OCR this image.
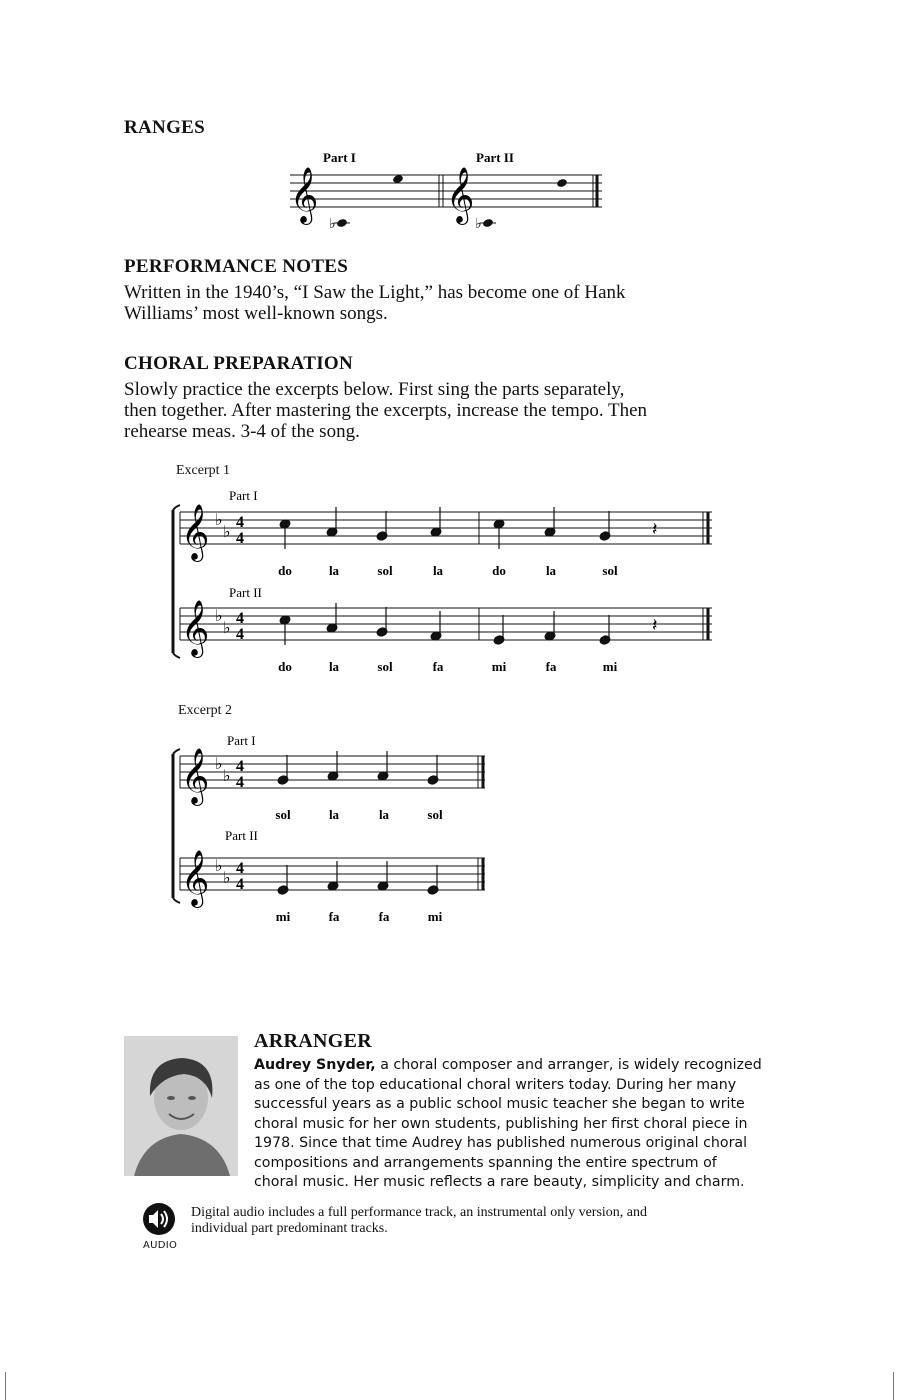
RANGES
Part I	Part II
𝄞	𝄞
♭	♭
PERFORMANCE NOTES
Written in the 1940’s, “I Saw the Light,” has become one of Hank
Williams’ most well-known songs.
CHORAL PREPARATION
Slowly practice the excerpts below. First sing the parts separately,
then together. After mastering the excerpts, increase the tempo. Then
rehearse meas. 3-4 of the song.
Excerpt 1
Part I
Part II
𝄞
𝄞
♭
♭
♭
♭
4
4
4
4
𝄽
𝄽
do	la	sol	la	do	la	sol
do	la	sol	fa	mi	fa	mi
Excerpt 2
Part I
Part II
𝄞
𝄞
♭
♭
♭
♭
4
4
4
4
sol	la	la	sol
mi	fa	fa	mi
ARRANGER
Audrey Snyder, a choral composer and arranger, is widely recognized
as one of the top educational choral writers today. During her many
successful years as a public school music teacher she began to write
choral music for her own students, publishing her first choral piece in
1978. Since that time Audrey has published numerous original choral
compositions and arrangements spanning the entire spectrum of
choral music. Her music reflects a rare beauty, simplicity and charm.
AUDIO
Digital audio includes a full performance track, an instrumental only version, and
individual part predominant tracks.
